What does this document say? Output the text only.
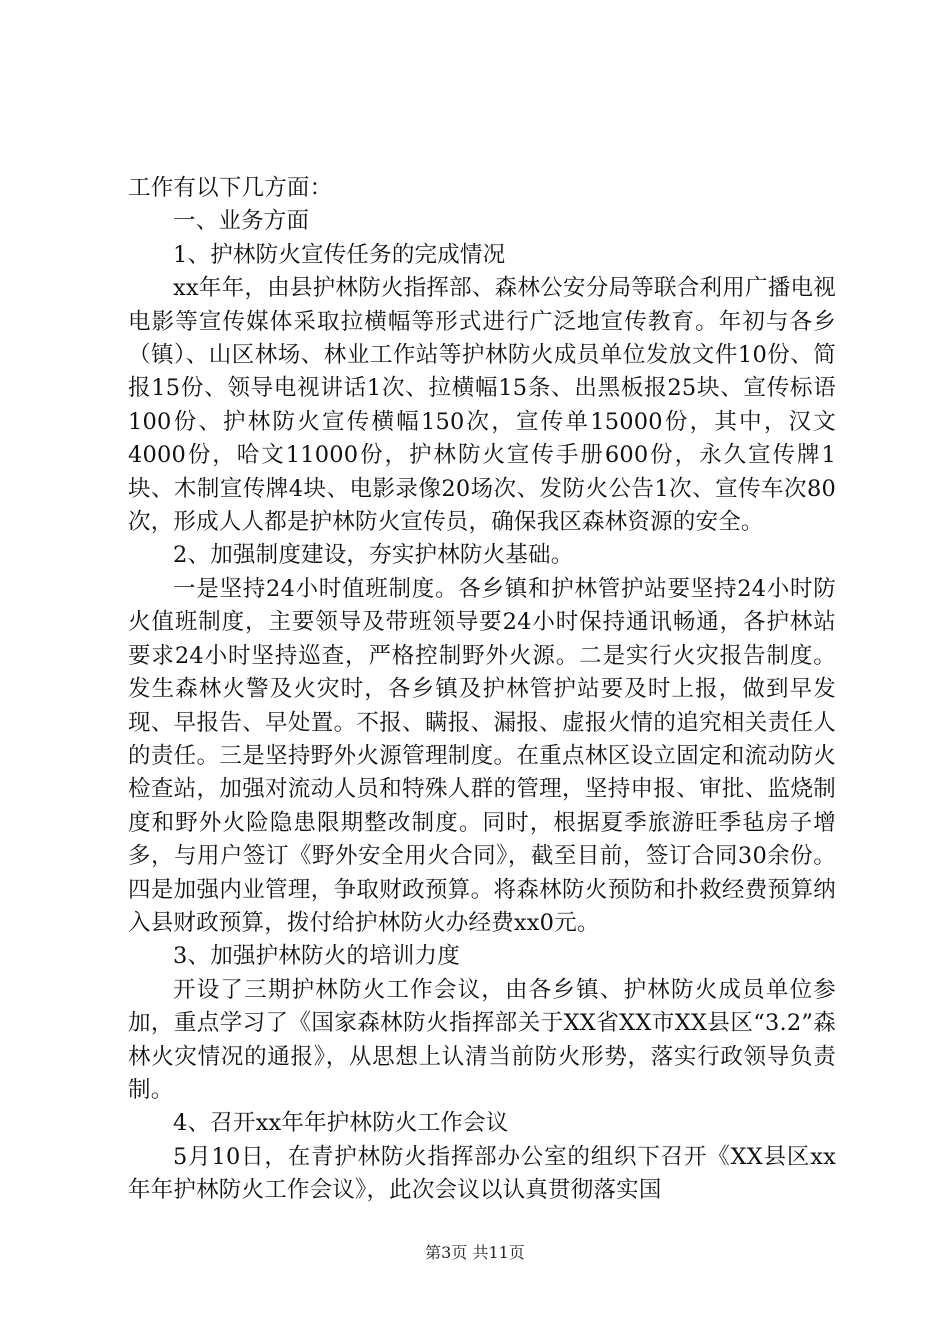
工作有以下几方面：

一、业务方面

1、护林防火宣传任务的完成情况

xx年年，由县护林防火指挥部、森林公安分局等联合利用广播电视电影等宣传媒体采取拉横幅等形式进行广泛地宣传教育。年初与各乡（镇）、山区林场、林业工作站等护林防火成员单位发放文件10份、简报15份、领导电视讲话1次、拉横幅15条、出黑板报25块、宣传标语100份、护林防火宣传横幅150次，宣传单15000份，其中，汉文4000份，哈文11000份，护林防火宣传手册600份，永久宣传牌1块、木制宣传牌4块、电影录像20场次、发防火公告1次、宣传车次80次，形成人人都是护林防火宣传员，确保我区森林资源的安全。

2、加强制度建设，夯实护林防火基础。

一是坚持24小时值班制度。各乡镇和护林管护站要坚持24小时防火值班制度，主要领导及带班领导要24小时保持通讯畅通，各护林站要求24小时坚持巡查，严格控制野外火源。二是实行火灾报告制度。发生森林火警及火灾时，各乡镇及护林管护站要及时上报，做到早发现、早报告、早处置。不报、瞒报、漏报、虚报火情的追究相关责任人的责任。三是坚持野外火源管理制度。在重点林区设立固定和流动防火检查站，加强对流动人员和特殊人群的管理，坚持申报、审批、监烧制度和野外火险隐患限期整改制度。同时，根据夏季旅游旺季毡房子增多，与用户签订《野外安全用火合同》，截至目前，签订合同30余份。四是加强内业管理，争取财政预算。将森林防火预防和扑救经费预算纳入县财政预算，拨付给护林防火办经费xx0元。

3、加强护林防火的培训力度

开设了三期护林防火工作会议，由各乡镇、护林防火成员单位参加，重点学习了《国家森林防火指挥部关于XX省XX市XX县区“3.2”森林火灾情况的通报》，从思想上认清当前防火形势，落实行政领导负责制。

4、召开xx年年护林防火工作会议

5月10日，在青护林防火指挥部办公室的组织下召开《XX县区xx年年护林防火工作会议》，此次会议以认真贯彻落实国

第3页 共11页
